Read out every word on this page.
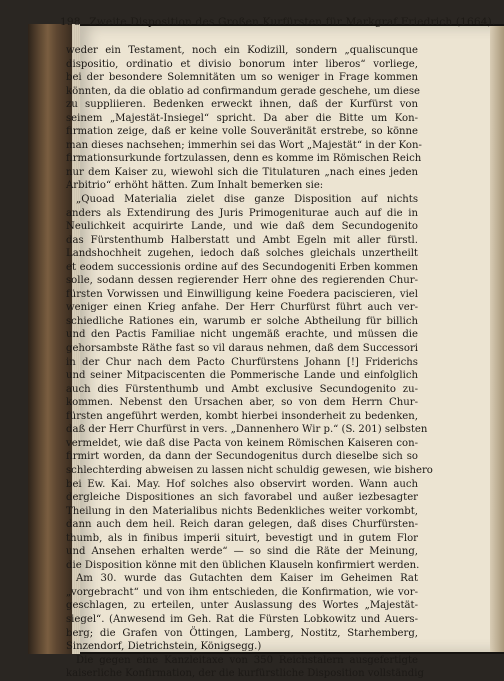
198 Zweite Disposition des Großen Kurfürsten für Markgraf Friedrich (1664).
weder ein Testament, noch ein Kodizill, sondern „qualiscunque
dispositio, ordinatio et divisio bonorum inter liberos“ vorliege,
bei der besondere Solemnitäten um so weniger in Frage kommen
könnten, da die oblatio ad confirmandum gerade geschehe, um diese
zu suppliieren. Bedenken erweckt ihnen, daß der Kurfürst von
seinem „Majestät-Insiegel“ spricht. Da aber die Bitte um Kon-
firmation zeige, daß er keine volle Souveränität erstrebe, so könne
man dieses nachsehen; immerhin sei das Wort „Majestät“ in der Kon-
firmationsurkunde fortzulassen, denn es komme im Römischen Reich
nur dem Kaiser zu, wiewohl sich die Titulaturen „nach eines jeden
Arbitrio“ erhöht hätten. Zum Inhalt bemerken sie:
„Quoad Materialia zielet dise ganze Disposition auf nichts
anders als Extendirung des Juris Primogeniturae auch auf die in
Neulichkeit acquirirte Lande, und wie daß dem Secundogenito
das Fürstenthumb Halberstatt und Ambt Egeln mit aller fürstl.
Landshochheit zugehen, iedoch daß solches gleichals unzertheilt
et eodem successionis ordine auf des Secundogeniti Erben kommen
solle, sodann dessen regierender Herr ohne des regierenden Chur-
fürsten Vorwissen und Einwilligung keine Foedera paciscieren, viel
weniger einen Krieg anfahe. Der Herr Churfürst führt auch ver-
schiedliche Rationes ein, warumb er solche Abtheilung für billich
und den Pactis Familiae nicht ungemäß erachte, und müssen die
gehorsambste Räthe fast so vil daraus nehmen, daß dem Successori
in der Chur nach dem Pacto Churfürstens Johann [!] Friderichs
und seiner Mitpaciscenten die Pommerische Lande und einfolglich
auch dies Fürstenthumb und Ambt exclusive Secundogenito zu-
kommen. Nebenst den Ursachen aber, so von dem Herrn Chur-
fürsten angeführt werden, kombt hierbei insonderheit zu bedenken,
daß der Herr Churfürst in vers. „Dannenhero Wir p.“ (S. 201) selbsten
vermeldet, wie daß dise Pacta von keinem Römischen Kaiseren con-
firmirt worden, da dann der Secundogenitus durch dieselbe sich so
schlechterding abweisen zu lassen nicht schuldig gewesen, wie bishero
bei Ew. Kai. May. Hof solches also observirt worden. Wann auch
dergleiche Dispositiones an sich favorabel und außer iezbesagter
Theilung in den Materialibus nichts Bedenkliches weiter vorkombt,
dann auch dem heil. Reich daran gelegen, daß dises Churfürsten-
thumb, als in finibus imperii situirt, bevestigt und in gutem Flor
und Ansehen erhalten werde“ — so sind die Räte der Meinung,
die Disposition könne mit den üblichen Klauseln konfirmiert werden.
Am 30. wurde das Gutachten dem Kaiser im Geheimen Rat
„vorgebracht“ und von ihm entschieden, die Konfirmation, wie vor-
geschlagen, zu erteilen, unter Auslassung des Wortes „Majestät-
siegel“. (Anwesend im Geh. Rat die Fürsten Lobkowitz und Auers-
berg; die Grafen von Öttingen, Lamberg, Nostitz, Starhemberg,
Sinzendorf, Dietrichstein, Königsegg.)
Die gegen eine Kanzleitaxe von 350 Reichstalern ausgefertigte
kaiserliche Konfirmation, der die kurfürstliche Disposition vollständig
